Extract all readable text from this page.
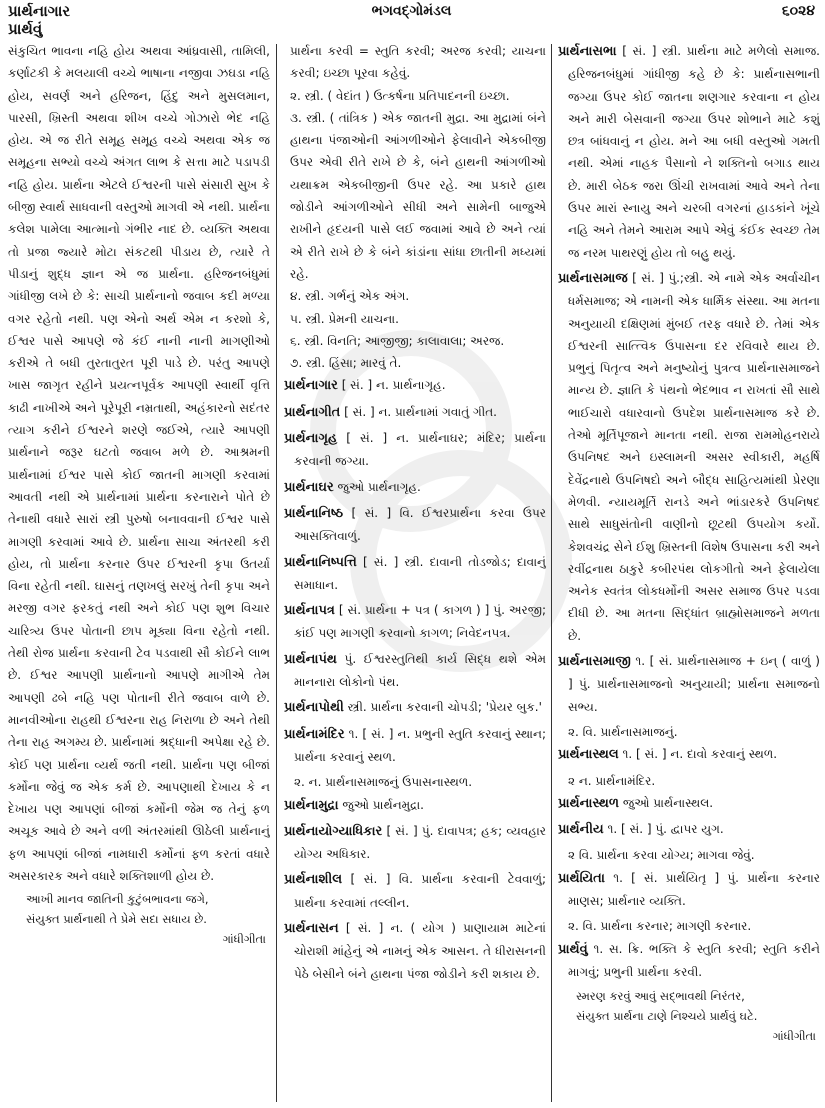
પ્રાર્થનાગાર
પ્રાર્થવું
ભગવદ્ગોમંડલ	૬૦૨૪

સંકુચિત ભાવના નહિ હોય અથવા આંધ્રવાસી, તામિલી, કર્ણાટકી કે મલયાલી વચ્ચે ભાષાના નજીવા ઝઘડા નહિ હોય, સવર્ણ અને હરિજન, હિંદુ અને મુસલમાન, પારસી, ખ્રિસ્તી અથવા શીખ વચ્ચે ગોઝારો ભેદ નહિ હોય. એ જ રીતે સમૂહ સમૂહ વચ્ચે અથવા એક જ સમૂહના સભ્યો વચ્ચે અંગત લાભ કે સત્તા માટે પડાપડી નહિ હોય. પ્રાર્થના એટલે ઈશ્વરની પાસે સંસારી સુખ કે બીજી સ્વાર્થ સાધવાની વસ્તુઓ માગવી એ નથી. પ્રાર્થના કલેશ પામેલા આત્માનો ગંભીર નાદ છે. વ્યક્તિ અથવા તો પ્રજા જ્યારે મોટા સંકટથી પીડાય છે, ત્યારે તે પીડાનું શુદ્ધ જ્ઞાન એ જ પ્રાર્થના. હરિજનબંધુમાં ગાંધીજી લખે છે કે: સાચી પ્રાર્થનાનો જવાબ કદી મળ્યા વગર રહેતો નથી. પણ એનો અર્થ એમ ન કરશો કે, ઈશ્વર પાસે આપણે જે કંઈ નાની નાની માગણીઓ કરીએ તે બધી તુરતાતુરત પૂરી પાડે છે. પરંતુ આપણે ખાસ જાગૃત રહીને પ્રયત્નપૂર્વક આપણી સ્વાર્થી વૃત્તિ કાઢી નાખીએ અને પૂરેપૂરી નમ્રતાથી, અહંકારનો સદંતર ત્યાગ કરીને ઈશ્વરને શરણે જઈએ, ત્યારે આપણી પ્રાર્થનાને જરૂર ઘટતો જવાબ મળે છે. આશ્રમની પ્રાર્થનામાં ઈશ્વર પાસે કોઈ જાતની માગણી કરવામાં આવતી નથી એ પ્રાર્થનામાં પ્રાર્થના કરનારાને પોતે છે તેનાથી વધારે સારાં સ્ત્રી પુરુષો બનાવવાની ઈશ્વર પાસે માગણી કરવામાં આવે છે. પ્રાર્થના સાચા અંતરથી કરી હોય, તો પ્રાર્થના કરનાર ઉપર ઈશ્વરની કૃપા ઉતર્યા વિના રહેતી નથી. ઘાસનું તણખલું સરખું તેની કૃપા અને મરજી વગર ફરકતું નથી અને કોઈ પણ શુભ વિચાર ચારિત્ર્ય ઉપર પોતાની છાપ મૂક્યા વિના રહેતો નથી. તેથી રોજ પ્રાર્થના કરવાની ટેવ પડવાથી સૌ કોઈને લાભ છે. ઈશ્વર આપણી પ્રાર્થનાનો આપણે માગીએ તેમ આપણી ઢબે નહિ પણ પોતાની રીતે જવાબ વાળે છે. માનવીઓના રાહથી ઈશ્વરના રાહ નિરાળા છે અને તેથી તેના રાહ અગમ્ય છે. પ્રાર્થનામાં શ્રદ્ધાની અપેક્ષા રહે છે. કોઈ પણ પ્રાર્થના વ્યર્થ જતી નથી. પ્રાર્થના પણ બીજાં કર્મોના જેવું જ એક કર્મ છે. આપણાથી દેખાય કે ન દેખાય પણ આપણાં બીજાં કર્મોની જેમ જ તેનું ફળ અચૂક આવે છે અને વળી અંતરમાંથી ઊઠેલી પ્રાર્થનાનું ફળ આપણાં બીજાં નામધારી કર્મોનાં ફળ કરતાં વધારે અસરકારક અને વધારે શક્તિશાળી હોય છે.

આખી માનવ જાતિની કુટુંબભાવના જગે,
સંયુક્ત પ્રાર્થનાથી તે પ્રેમે સદા સધાય છે.

ગાંધીગીતા

પ્રાર્થના કરવી = સ્તુતિ કરવી; અરજ કરવી; યાચના કરવી; ઇચ્છા પૂરવા કહેવું.

૨. સ્ત્રી. ( વેદાંત ) ઉત્કર્ષના પ્રતિપાદનની ઇચ્છા.

૩. સ્ત્રી. ( તાંત્રિક ) એક જાતની મુદ્રા. આ મુદ્રામાં બંને હાથના પંજાઓની આંગળીઓને ફેલાવીને એકબીજી ઉપર એવી રીતે રાખે છે કે, બંને હાથની આંગળીઓ યથાક્રમ એકબીજીની ઉપર રહે. આ પ્રકારે હાથ જોડીને આંગળીઓને સીધી અને સામેની બાજુએ રાખીને હૃદયની પાસે લઈ જવામાં આવે છે અને ત્યાં એ રીતે રાખે છે કે બંને કાંડાંના સાંધા છાતીની મધ્યમાં રહે.

૪. સ્ત્રી. ગર્ભનું એક અંગ.

૫. સ્ત્રી. પ્રેમની યાચના.

૬. સ્ત્રી. વિનતિ; આજીજી; કાલાવાલા; અરજ.

૭. સ્ત્રી. હિંસા; મારવું તે.

પ્રાર્થનાગાર [ સં. ] ન. પ્રાર્થનાગૃહ.

પ્રાર્થનાગીત [ સં. ] ન. પ્રાર્થનામાં ગવાતું ગીત.

પ્રાર્થનાગૃહ [ સં. ] ન. પ્રાર્થનાઘર; મંદિર; પ્રાર્થના કરવાની જગ્યા.

પ્રાર્થનાઘર જુઓ પ્રાર્થનાગૃહ.

પ્રાર્થનાનિષ્ઠ [ સં. ] વિ. ઈશ્વરપ્રાર્થના કરવા ઉપર આસક્તિવાળું.

પ્રાર્થનાનિષ્પત્તિ [ સં. ] સ્ત્રી. દાવાની તોડજોડ; દાવાનું સમાધાન.

પ્રાર્થનાપત્ર [ સં. પ્રાર્થના + પત્ર ( કાગળ ) ] પું. અરજી; કાંઈ પણ માગણી કરવાનો કાગળ; નિવેદનપત્ર.

પ્રાર્થનાપંથ પું. ઈશ્વરસ્તુતિથી કાર્ય સિદ્ધ થશે એમ માનનારા લોકોનો પંથ.

પ્રાર્થનાપોથી સ્ત્રી. પ્રાર્થના કરવાની ચોપડી; 'પ્રેયર બુક.'

પ્રાર્થનામંદિર ૧. [ સં. ] ન. પ્રભુની સ્તુતિ કરવાનું સ્થાન; પ્રાર્થના કરવાનું સ્થળ.

૨. ન. પ્રાર્થનાસમાજનું ઉપાસનાસ્થળ.

પ્રાર્થનામુદ્રા જુઓ પ્રાર્થનમુદ્રા.

પ્રાર્થનાયોગ્યાધિકાર [ સં. ] પું. દાવાપત્ર; હક; વ્યવહાર યોગ્ય અધિકાર.

પ્રાર્થનાશીલ [ સં. ] વિ. પ્રાર્થના કરવાની ટેવવાળું; પ્રાર્થના કરવામાં તલ્લીન.

પ્રાર્થનાસન [ સં. ] ન. ( યોગ ) પ્રાણાયામ માટેનાં ચોરાશી માંહેનું એ નામનું એક આસન. તે ધીરાસનની પેઠે બેસીને બંને હાથના પંજા જોડીને કરી શકાય છે.

પ્રાર્થનાસભા [ સં. ] સ્ત્રી. પ્રાર્થના માટે મળેલો સમાજ. હરિજનબંધુમાં ગાંધીજી કહે છે કે: પ્રાર્થનાસભાની જગ્યા ઉપર કોઈ જાતના શણગાર કરવાના ન હોય અને મારી બેસવાની જગ્યા ઉપર શોભાને માટે કશું છત્ર બાંધવાનું ન હોય. મને આ બધી વસ્તુઓ ગમતી નથી. એમાં નાહક પૈસાનો ને શક્તિનો બગાડ થાય છે. મારી બેઠક જરા ઊંચી રાખવામાં આવે અને તેના ઉપર મારાં સ્નાયુ અને ચરબી વગરનાં હાડકાંને ખૂંચે નહિ અને તેમને આરામ આપે એવું કંઈક સ્વચ્છ તેમ જ નરમ પાથરણું હોય તો બહુ થયું.

પ્રાર્થનાસમાજ [ સં. ] પું.;સ્ત્રી. એ નામે એક અર્વાચીન ધર્મસમાજ; એ નામની એક ધાર્મિક સંસ્થા. આ મતના અનુયાયી દક્ષિણમાં મુંબઈ તરફ વધારે છે. તેમાં એક ઈશ્વરની સાત્ત્વિક ઉપાસના દર રવિવારે થાય છે. પ્રભુનું પિતૃત્વ અને મનુષ્યોનું પુત્રત્વ પ્રાર્થનાસમાજને માન્ય છે. જ્ઞાતિ કે પંથનો ભેદભાવ ન રાખતાં સૌ સાથે ભાઈચારો વધારવાનો ઉપદેશ પ્રાર્થનાસમાજ કરે છે. તેઓ મૂર્તિપૂજાને માનતા નથી. રાજા રામમોહનરાયે ઉપનિષદ અને ઇસ્લામની અસર સ્વીકારી, મહર્ષિ દેવેંદ્રનાથે ઉપનિષદો અને બૌદ્ધ સાહિત્યમાંથી પ્રેરણા મેળવી. ન્યાયમૂર્તિ રાનડે અને ભાંડારકરે ઉપનિષદ સાથે સાધુસંતોની વાણીનો છૂટથી ઉપયોગ કર્યો. કેશવચંદ્ર સેને ઈશુ ખ્રિસ્તની વિશેષ ઉપાસના કરી અને રવીંદ્રનાથ ઠાકુરે કબીરપંથ લોકગીતો અને ફેલાયેલા અનેક સ્વતંત્ર લોકધર્મોની અસર સમાજ ઉપર પડવા દીધી છે. આ મતના સિદ્ધાંત બ્રાહ્મોસમાજને મળતા છે.

પ્રાર્થનાસમાજી ૧. [ સં. પ્રાર્થનાસમાજ + ઇન્ ( વાળું ) ] પું. પ્રાર્થનાસમાજનો અનુયાયી; પ્રાર્થના સમાજનો સભ્ય.

૨. વિ. પ્રાર્થનાસમાજનું.

પ્રાર્થનાસ્થલ ૧. [ સં. ] ન. દાવો કરવાનું સ્થળ.

૨ ન. પ્રાર્થનામંદિર.

પ્રાર્થનાસ્થળ જુઓ પ્રાર્થનાસ્થલ.

પ્રાર્થનીય ૧. [ સં. ] પું. દ્વાપર યુગ.

૨ વિ. પ્રાર્થના કરવા યોગ્ય; માગવા જેવું.

પ્રાર્થયિતા ૧. [ સં. પ્રાર્થયિતૃ ] પું. પ્રાર્થના કરનાર માણસ; પ્રાર્થનાર વ્યક્તિ.

૨. વિ. પ્રાર્થના કરનાર; માગણી કરનાર.

પ્રાર્થવું ૧. સ. ક્રિ. ભક્તિ કે સ્તુતિ કરવી; સ્તુતિ કરીને માગવું; પ્રભુની પ્રાર્થના કરવી.

સ્મરણ કરવું આવું સદ્ભાવથી નિરંતર,
સંયુક્ત પ્રાર્થના ટાણે નિશ્ચયે પ્રાર્થવું ઘટે.

ગાંધીગીતા
